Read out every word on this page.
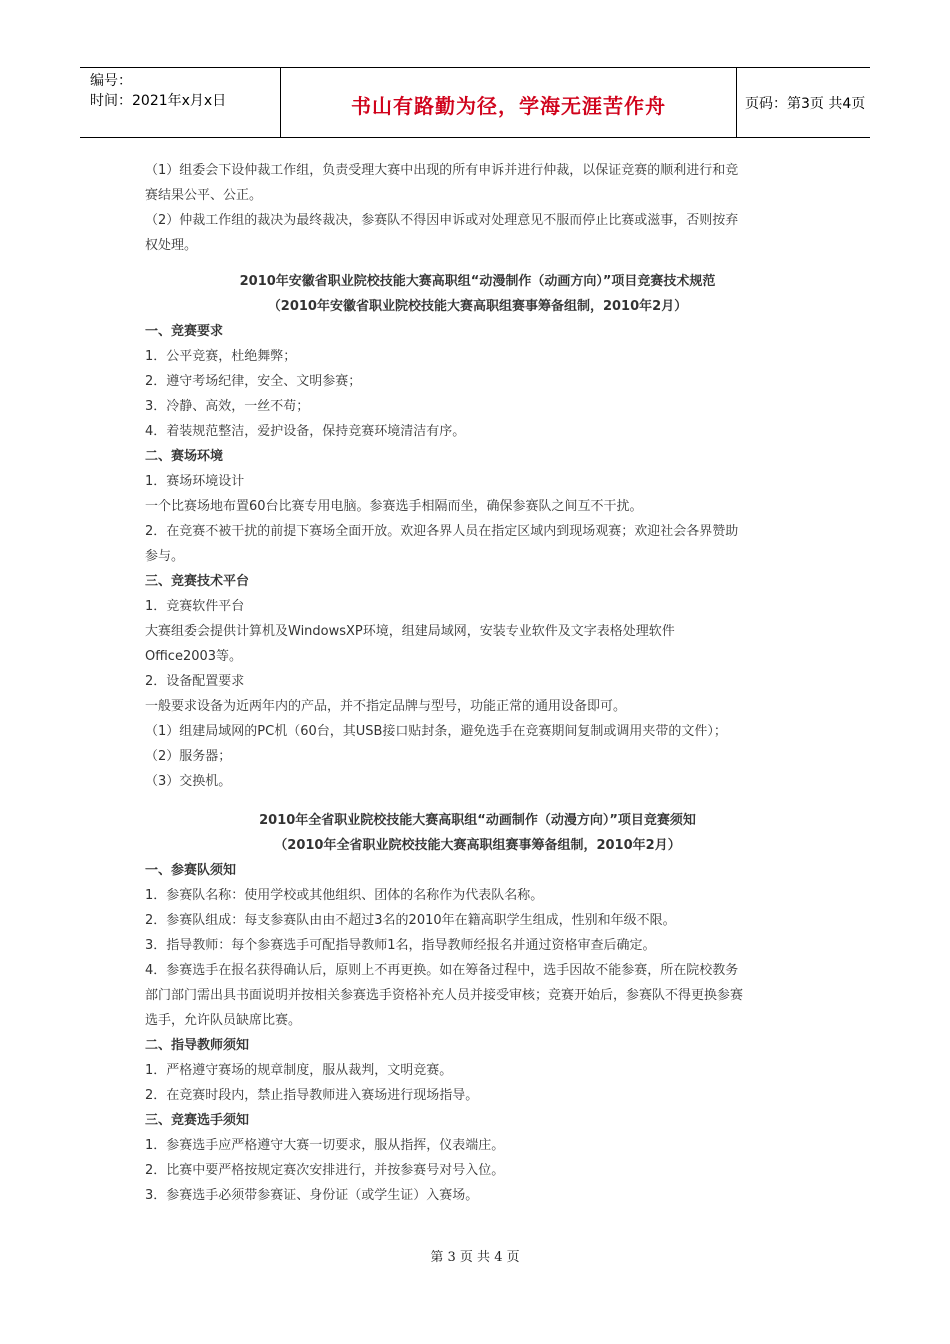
编号：
时间：2021年x月x日	书山有路勤为径，学海无涯苦作舟	页码：第3页 共4页

（1）组委会下设仲裁工作组，负责受理大赛中出现的所有申诉并进行仲裁，以保证竞赛的顺利进行和竞

赛结果公平、公正。

（2）仲裁工作组的裁决为最终裁决，参赛队不得因申诉或对处理意见不服而停止比赛或滋事，否则按弃

权处理。

2010年安徽省职业院校技能大赛高职组“动漫制作（动画方向）”项目竞赛技术规范

（2010年安徽省职业院校技能大赛高职组赛事筹备组制，2010年2月）

一、竞赛要求

1．公平竞赛，杜绝舞弊；

2．遵守考场纪律，安全、文明参赛；

3．冷静、高效，一丝不苟；

4．着装规范整洁，爱护设备，保持竞赛环境清洁有序。

二、赛场环境

1．赛场环境设计

一个比赛场地布置60台比赛专用电脑。参赛选手相隔而坐，确保参赛队之间互不干扰。

2．在竞赛不被干扰的前提下赛场全面开放。欢迎各界人员在指定区域内到现场观赛；欢迎社会各界赞助

参与。

三、竞赛技术平台

1．竞赛软件平台

大赛组委会提供计算机及WindowsXP环境，组建局域网，安装专业软件及文字表格处理软件

Office2003等。

2．设备配置要求

一般要求设备为近两年内的产品，并不指定品牌与型号，功能正常的通用设备即可。

（1）组建局域网的PC机（60台，其USB接口贴封条，避免选手在竞赛期间复制或调用夹带的文件）；

（2）服务器；

（3）交换机。

2010年全省职业院校技能大赛高职组“动画制作（动漫方向）”项目竞赛须知

（2010年全省职业院校技能大赛高职组赛事筹备组制，2010年2月）

一、参赛队须知

1．参赛队名称：使用学校或其他组织、团体的名称作为代表队名称。

2．参赛队组成：每支参赛队由由不超过3名的2010年在籍高职学生组成，性别和年级不限。

3．指导教师：每个参赛选手可配指导教师1名，指导教师经报名并通过资格审查后确定。

4．参赛选手在报名获得确认后，原则上不再更换。如在筹备过程中，选手因故不能参赛，所在院校教务

部门部门需出具书面说明并按相关参赛选手资格补充人员并接受审核；竞赛开始后，参赛队不得更换参赛

选手，允许队员缺席比赛。

二、指导教师须知

1．严格遵守赛场的规章制度，服从裁判，文明竞赛。

2．在竞赛时段内，禁止指导教师进入赛场进行现场指导。

三、竞赛选手须知

1．参赛选手应严格遵守大赛一切要求，服从指挥，仪表端庄。

2．比赛中要严格按规定赛次安排进行，并按参赛号对号入位。

3．参赛选手必须带参赛证、身份证（或学生证）入赛场。

第 3 页 共 4 页
